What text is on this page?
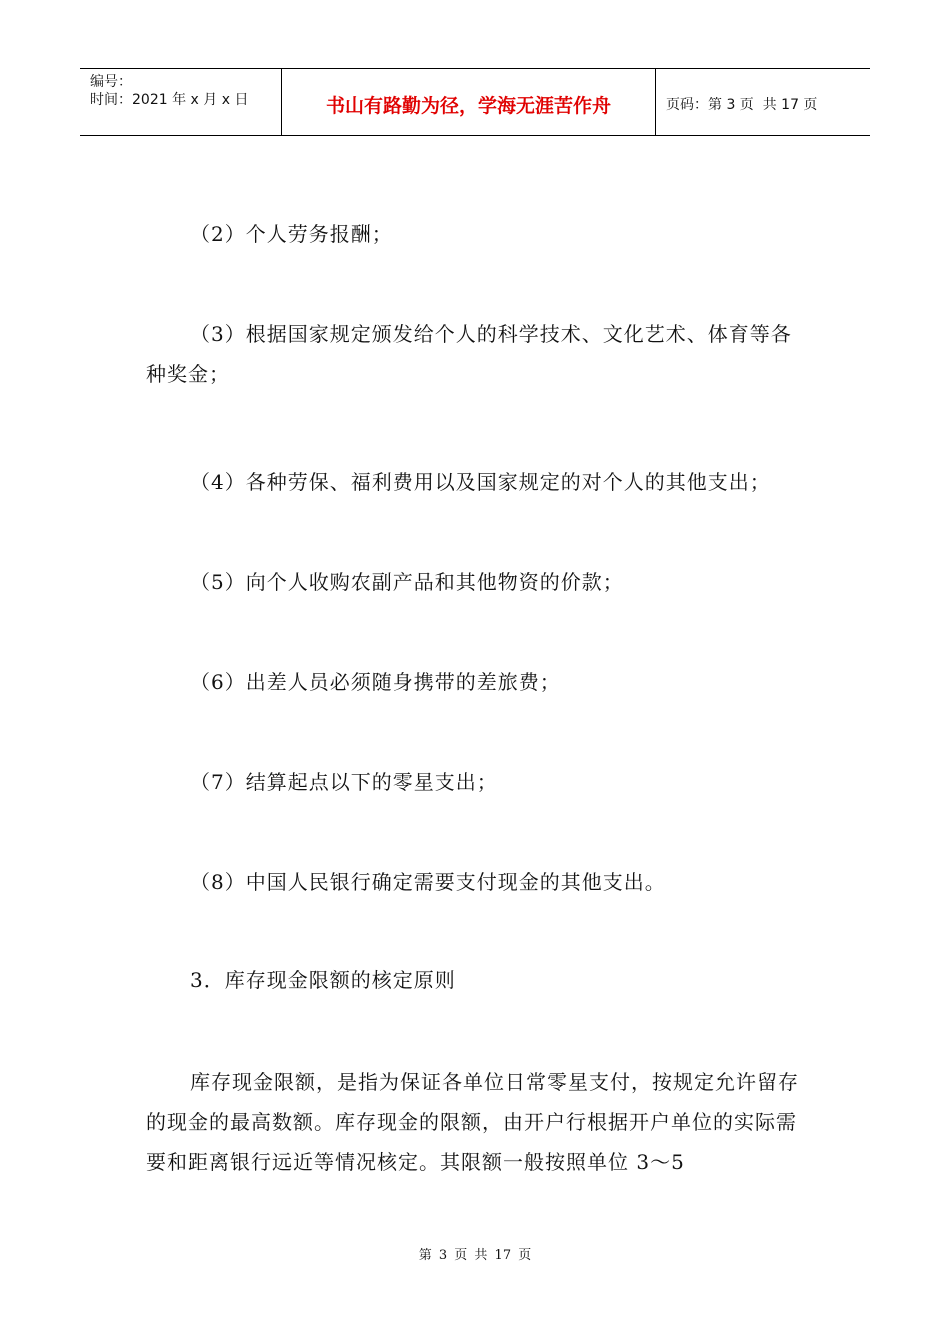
编号：
时间：2021 年 x 月 x 日	书山有路勤为径，学海无涯苦作舟	页码：第 3 页  共 17 页
（2）个人劳务报酬；
（3）根据国家规定颁发给个人的科学技术、文化艺术、体育等各种奖金；
（4）各种劳保、福利费用以及国家规定的对个人的其他支出；
（5）向个人收购农副产品和其他物资的价款；
（6）出差人员必须随身携带的差旅费；
（7）结算起点以下的零星支出；
（8）中国人民银行确定需要支付现金的其他支出。
3．库存现金限额的核定原则
库存现金限额，是指为保证各单位日常零星支付，按规定允许留存的现金的最高数额。库存现金的限额，由开户行根据开户单位的实际需要和距离银行远近等情况核定。其限额一般按照单位 3～5
第 3 页 共 17 页
